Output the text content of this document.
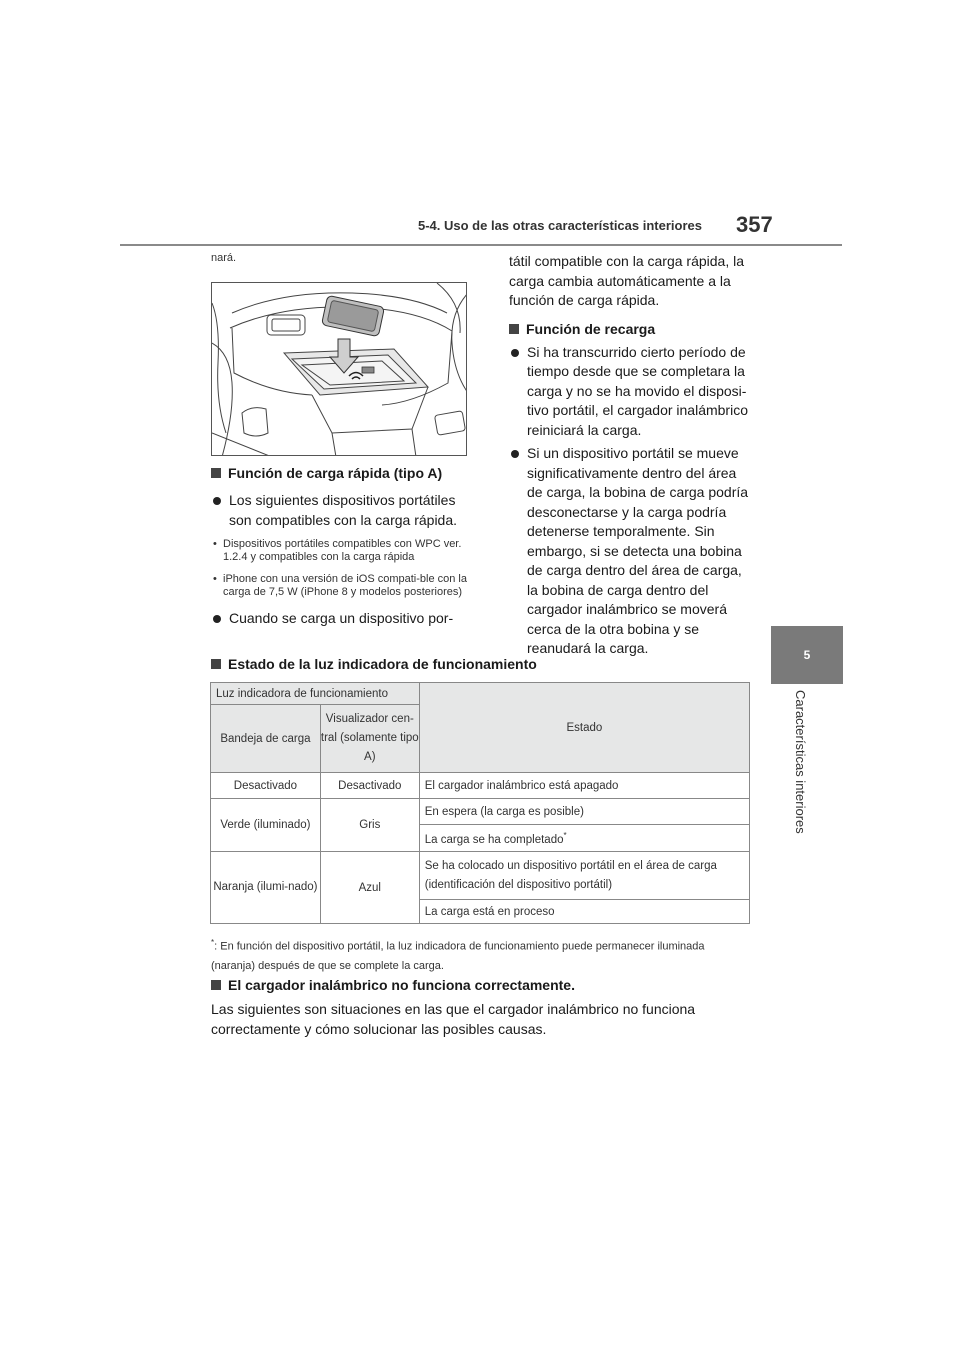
5-4. Uso de las otras características interiores 357
5
Características interiores
nará.
Función de carga rápida (tipo A)
Los siguientes dispositivos portátiles son compatibles con la carga rápida.
• Dispositivos portátiles compatibles con WPC ver. 1.2.4 y compatibles con la carga rápida
• iPhone con una versión de iOS compati-ble con la carga de 7,5 W (iPhone 8 y modelos posteriores)
Cuando se carga un dispositivo por-
tátil compatible con la carga rápida, la carga cambia automáticamente a la función de carga rápida.
Función de recarga
Si ha transcurrido cierto período de tiempo desde que se completara la carga y no se ha movido el disposi-tivo portátil, el cargador inalámbrico reiniciará la carga.
Si un dispositivo portátil se mueve significativamente dentro del área de carga, la bobina de carga podría desconectarse y la carga podría detenerse temporalmente. Sin embargo, si se detecta una bobina de carga dentro del área de carga, la bobina de carga dentro del cargador inalámbrico se moverá cerca de la otra bobina y se reanudará la carga.
Estado de la luz indicadora de funcionamiento
Luz indicadora de funcionamiento		Estado
Bandeja de carga	Visualizador cen-tral (solamente tipo A)	
Desactivado	Desactivado	El cargador inalámbrico está apagado
Verde (iluminado)	Gris	En espera (la carga es posible)
		La carga se ha completado*
Naranja (ilumi-nado)	Azul	Se ha colocado un dispositivo portátil en el área de carga (identificación del dispositivo portátil)
		La carga está en proceso
*: En función del dispositivo portátil, la luz indicadora de funcionamiento puede permanecer iluminada (naranja) después de que se complete la carga.
El cargador inalámbrico no funciona correctamente.
Las siguientes son situaciones en las que el cargador inalámbrico no funciona correctamente y cómo solucionar las posibles causas.
